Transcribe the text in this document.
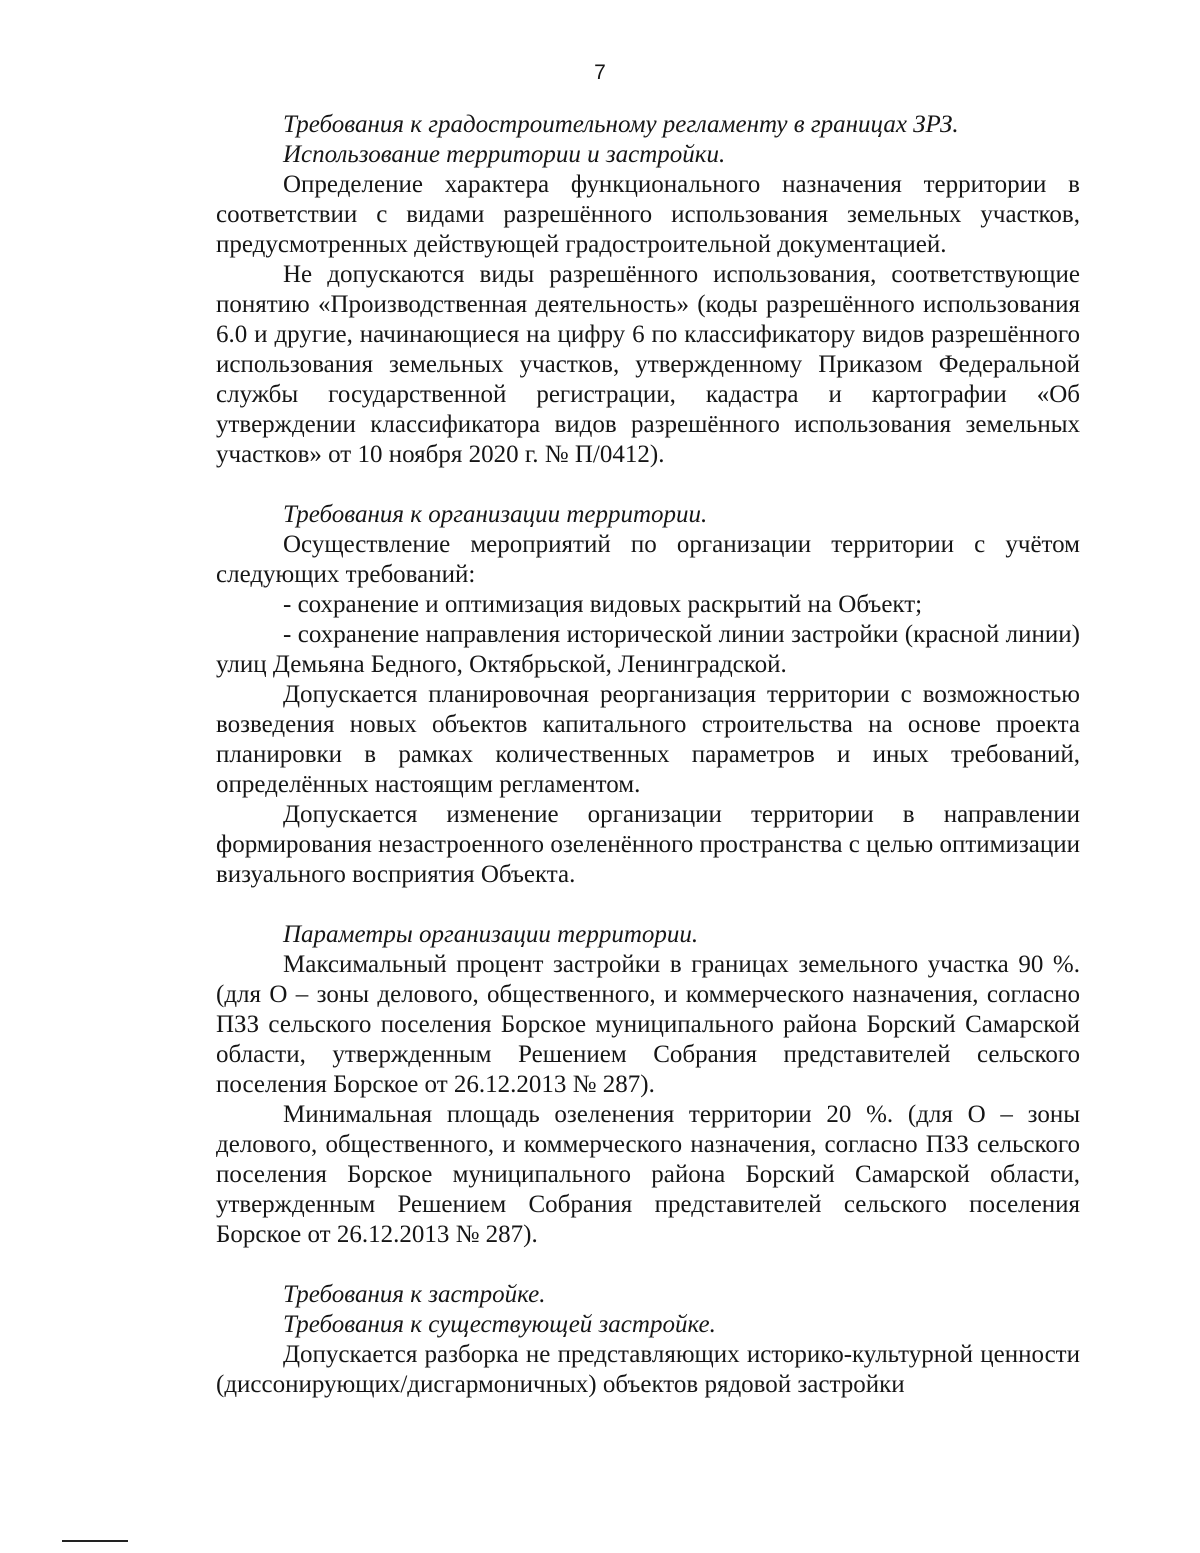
7

Требования к градостроительному регламенту в границах ЗРЗ.

Использование территории и застройки.

Определение характера функционального назначения территории в соответствии с видами разрешённого использования земельных участков, предусмотренных действующей градостроительной документацией.

Не допускаются виды разрешённого использования, соответствующие понятию «Производственная деятельность» (коды разрешённого использования 6.0 и другие, начинающиеся на цифру 6 по классификатору видов разрешённого использования земельных участков, утвержденному Приказом Федеральной службы государственной регистрации, кадастра и картографии «Об утверждении классификатора видов разрешённого использования земельных участков» от 10 ноября 2020 г. № П/0412).

Требования к организации территории.

Осуществление мероприятий по организации территории с учётом следующих требований:

- сохранение и оптимизация видовых раскрытий на Объект;

- сохранение направления исторической линии застройки (красной линии) улиц Демьяна Бедного, Октябрьской, Ленинградской.

Допускается планировочная реорганизация территории с возможностью возведения новых объектов капитального строительства на основе проекта планировки в рамках количественных параметров и иных требований, определённых настоящим регламентом.

Допускается изменение организации территории в направлении формирования незастроенного озеленённого пространства с целью оптимизации визуального восприятия Объекта.

Параметры организации территории.

Максимальный процент застройки в границах земельного участка 90 %. (для О – зоны делового, общественного, и коммерческого назначения, согласно ПЗЗ сельского поселения Борское муниципального района Борский Самарской области, утвержденным Решением Собрания представителей сельского поселения Борское от 26.12.2013 № 287).

Минимальная площадь озеленения территории 20 %. (для О – зоны делового, общественного, и коммерческого назначения, согласно ПЗЗ сельского поселения Борское муниципального района Борский Самарской области, утвержденным Решением Собрания представителей сельского поселения Борское от 26.12.2013 № 287).

Требования к застройке.

Требования к существующей застройке.

Допускается разборка не представляющих историко-культурной ценности (диссонирующих/дисгармоничных) объектов рядовой застройки
